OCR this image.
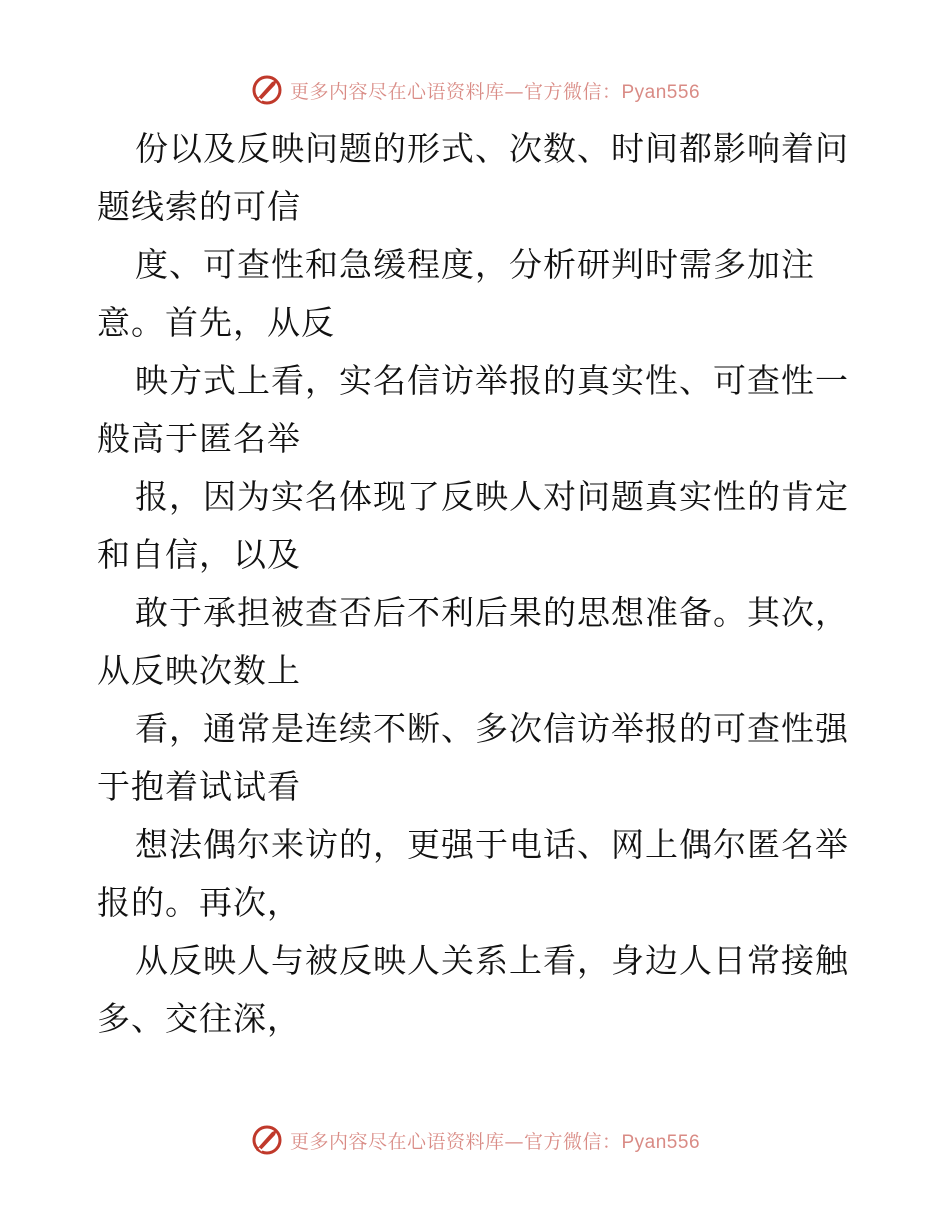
更多内容尽在心语资料库—官方微信：Pyan556

份以及反映问题的形式、次数、时间都影响着问
题线索的可信

度、可查性和急缓程度，分析研判时需多加注
意。首先，从反

映方式上看，实名信访举报的真实性、可查性一
般高于匿名举

报，因为实名体现了反映人对问题真实性的肯定
和自信，以及

敢于承担被查否后不利后果的思想准备。其次，
从反映次数上

看，通常是连续不断、多次信访举报的可查性强
于抱着试试看

想法偶尔来访的，更强于电话、网上偶尔匿名举
报的。再次，

从反映人与被反映人关系上看，身边人日常接触
多、交往深，

更多内容尽在心语资料库—官方微信：Pyan556
